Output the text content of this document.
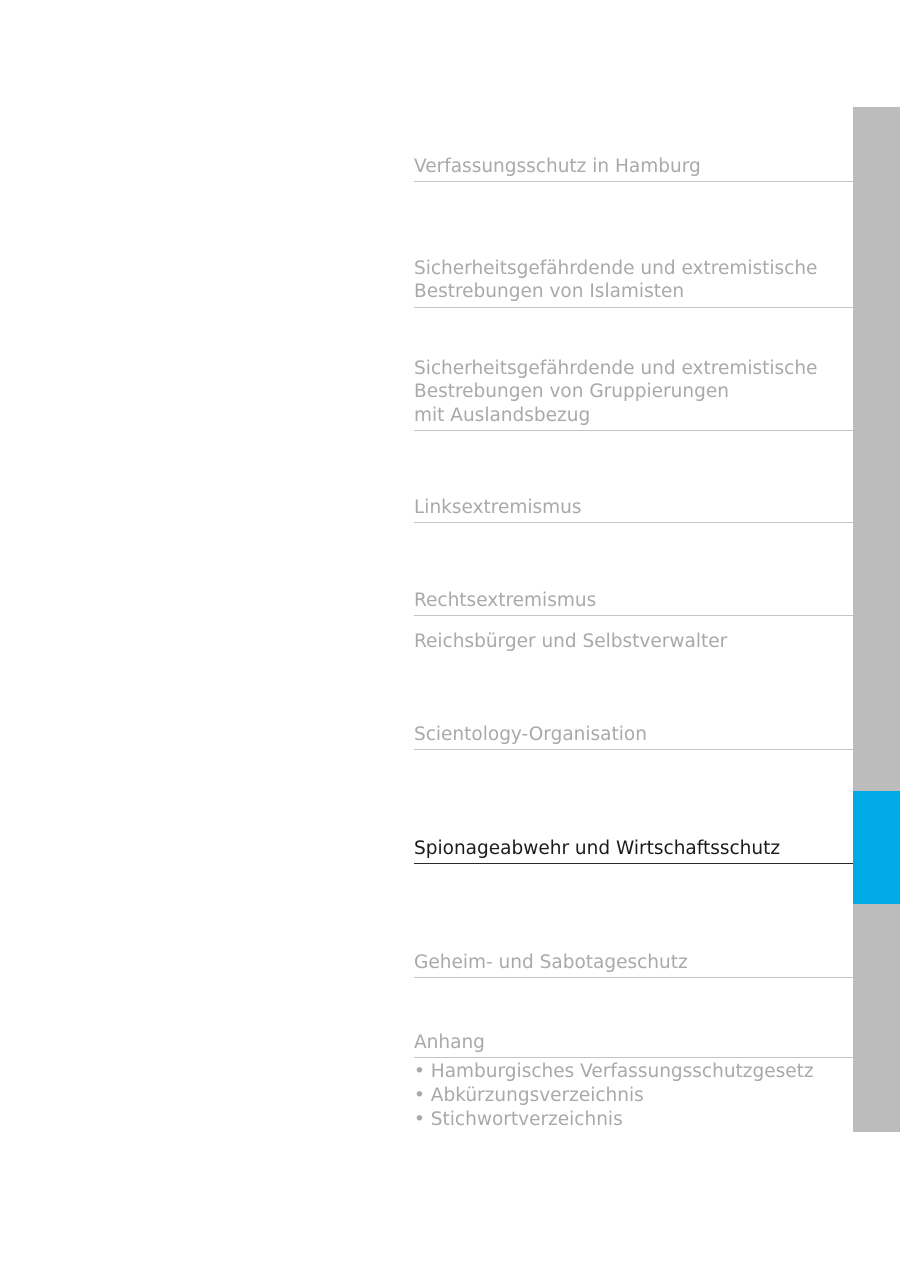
Verfassungsschutz in Hamburg
Sicherheitsgefährdende und extremistische
Bestrebungen von Islamisten
Sicherheitsgefährdende und extremistische
Bestrebungen von Gruppierungen
mit Auslandsbezug
Linksextremismus
Rechtsextremismus
Reichsbürger und Selbstverwalter
Scientology-Organisation
Spionageabwehr und Wirtschaftsschutz
Geheim- und Sabotageschutz
Anhang
• Hamburgisches Verfassungsschutzgesetz
• Abkürzungsverzeichnis
• Stichwortverzeichnis
